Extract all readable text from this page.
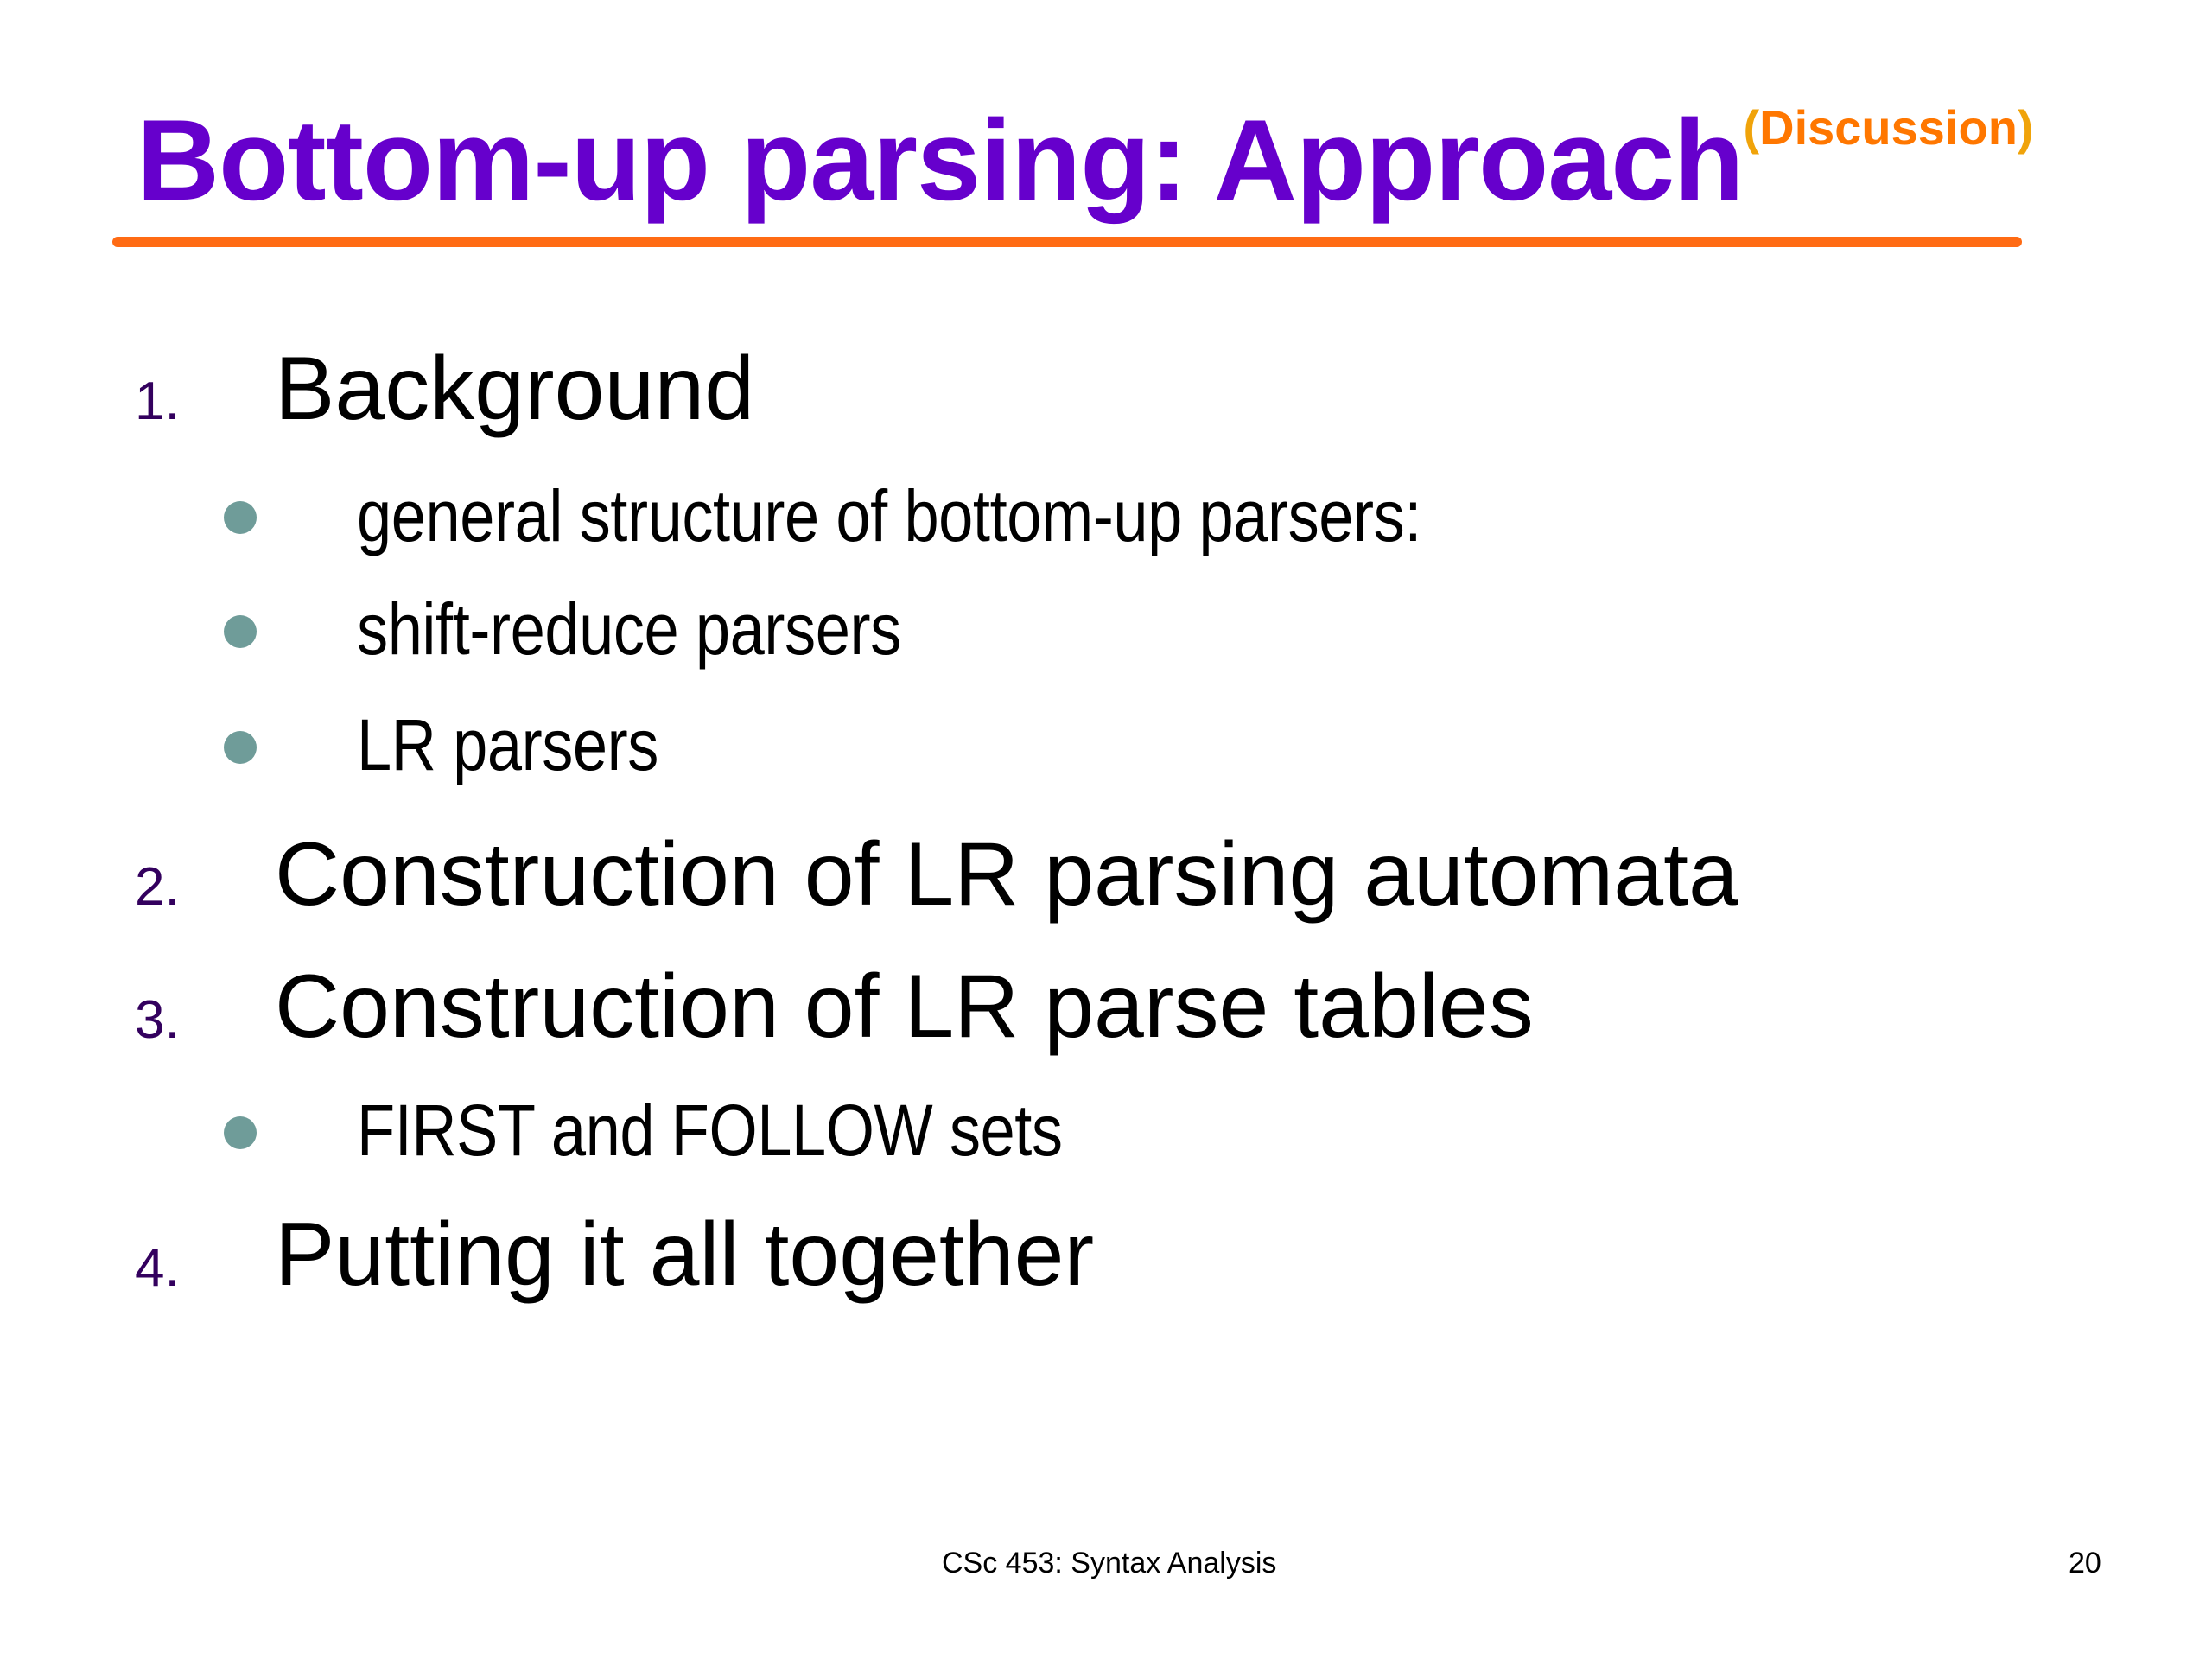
Bottom-up parsing: Approach$^{(Discussion)}$
1. Background
general structure of bottom-up parsers:
shift-reduce parsers
LR parsers
2. Construction of LR parsing automata
3. Construction of LR parse tables
FIRST and FOLLOW sets
4. Putting it all together
CSc 453: Syntax Analysis	20
